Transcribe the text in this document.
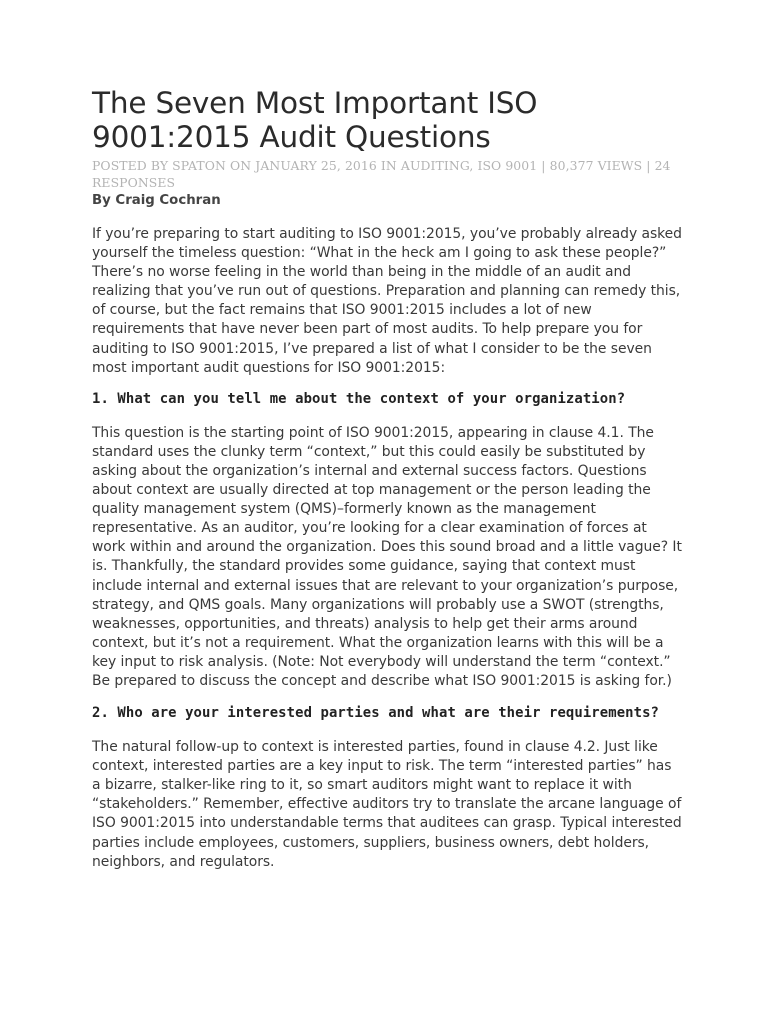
The Seven Most Important ISO 9001:2015 Audit Questions

POSTED BY SPATON ON JANUARY 25, 2016 IN AUDITING, ISO 9001 | 80,377 VIEWS | 24 RESPONSES

By Craig Cochran

If you’re preparing to start auditing to ISO 9001:2015, you’ve probably already asked yourself the timeless question: “What in the heck am I going to ask these people?” There’s no worse feeling in the world than being in the middle of an audit and realizing that you’ve run out of questions. Preparation and planning can remedy this, of course, but the fact remains that ISO 9001:2015 includes a lot of new requirements that have never been part of most audits. To help prepare you for auditing to ISO 9001:2015, I’ve prepared a list of what I consider to be the seven most important audit questions for ISO 9001:2015:

1. What can you tell me about the context of your organization?

This question is the starting point of ISO 9001:2015, appearing in clause 4.1. The standard uses the clunky term “context,” but this could easily be substituted by asking about the organization’s internal and external success factors. Questions about context are usually directed at top management or the person leading the quality management system (QMS)–formerly known as the management representative. As an auditor, you’re looking for a clear examination of forces at work within and around the organization. Does this sound broad and a little vague? It is. Thankfully, the standard provides some guidance, saying that context must include internal and external issues that are relevant to your organization’s purpose, strategy, and QMS goals. Many organizations will probably use a SWOT (strengths, weaknesses, opportunities, and threats) analysis to help get their arms around context, but it’s not a requirement. What the organization learns with this will be a key input to risk analysis. (Note: Not everybody will understand the term “context.” Be prepared to discuss the concept and describe what ISO 9001:2015 is asking for.)

2. Who are your interested parties and what are their requirements?

The natural follow-up to context is interested parties, found in clause 4.2. Just like context, interested parties are a key input to risk. The term “interested parties” has a bizarre, stalker-like ring to it, so smart auditors might want to replace it with “stakeholders.” Remember, effective auditors try to translate the arcane language of ISO 9001:2015 into understandable terms that auditees can grasp. Typical interested parties include employees, customers, suppliers, business owners, debt holders, neighbors, and regulators.
